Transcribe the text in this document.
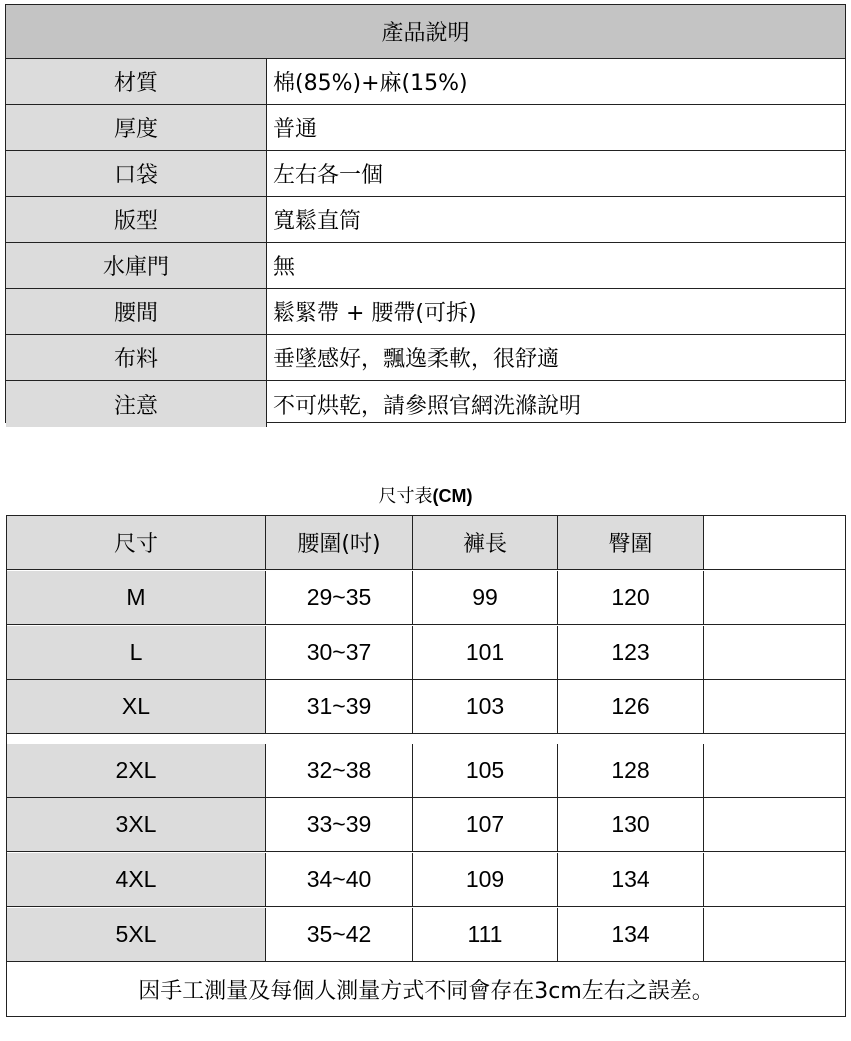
產品說明
材質	棉(85%)+麻(15%)
厚度	普通
口袋	左右各一個
版型	寬鬆直筒
水庫門	無
腰間	鬆緊帶 + 腰帶(可拆)
布料	垂墜感好，飄逸柔軟，很舒適
注意	不可烘乾，請參照官網洗滌說明
尺寸表(CM)
尺寸	腰圍(吋)	褲長	臀圍
M	29~35	99	120
L	30~37	101	123
XL	31~39	103	126
2XL	32~38	105	128
3XL	33~39	107	130
4XL	34~40	109	134
5XL	35~42	111	134
因手工測量及每個人測量方式不同會存在3cm左右之誤差。
